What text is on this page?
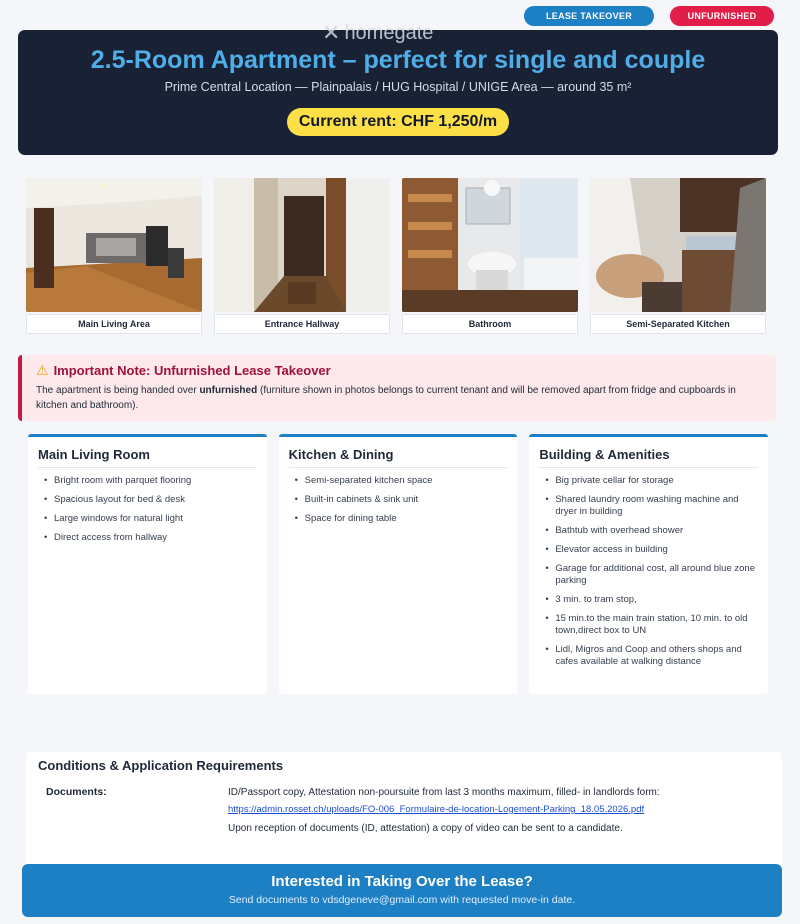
LEASE TAKEOVER	UNFURNISHED
✕ homegate
2.5-Room Apartment – perfect for single and couple
Prime Central Location — Plainpalais / HUG Hospital / UNIGE Area — around 35 m²
Current rent: CHF 1,250/m
Main Living Area	Entrance Hallway	Bathroom	Semi-Separated Kitchen
⚠ Important Note: Unfurnished Lease Takeover
The apartment is being handed over unfurnished (furniture shown in photos belongs to current tenant and will be removed apart from fridge and cupboards in kitchen and bathroom).
Main Living Room
• Bright room with parquet flooring
• Spacious layout for bed & desk
• Large windows for natural light
• Direct access from hallway
Kitchen & Dining
• Semi-separated kitchen space
• Built-in cabinets & sink unit
• Space for dining table
Building & Amenities
• Big private cellar for storage
• Shared laundry room washing machine and dryer in building
• Bathtub with overhead shower
• Elevator access in building
• Garage for additional cost, all around blue zone parking
• 3 min. to tram stop,
• 15 min.to the main train station, 10 min. to old town,direct box to UN
• Lidl, Migros and Coop and others shops and cafes available at walking distance
Conditions & Application Requirements
Documents:	ID/Passport copy, Attestation non-poursuite from last 3 months maximum, filled- in landlords form:
https://admin.rosset.ch/uploads/FO-006_Formulaire-de-location-Logement-Parking_18.05.2026.pdf
Upon reception of documents (ID, attestation) a copy of video can be sent to a candidate.
Interested in Taking Over the Lease?
Send documents to vdsdgeneve@gmail.com with requested move-in date.
